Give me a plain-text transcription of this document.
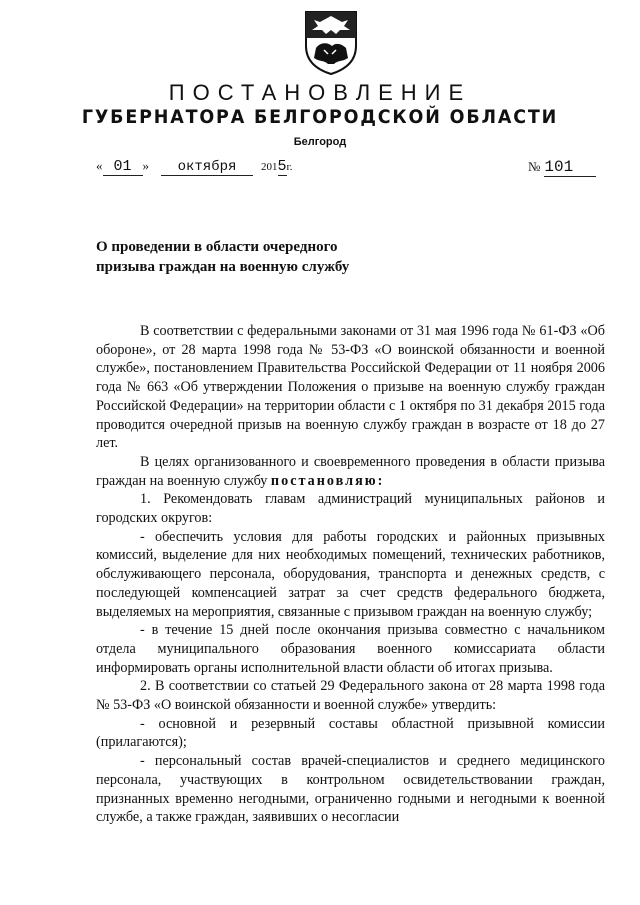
ПОСТАНОВЛЕНИЕ
ГУБЕРНАТОРА БЕЛГОРОДСКОЙ ОБЛАСТИ
Белгород
« 01 » октября 2015г.	№ 101
О проведении в области очередного
призыва граждан на военную службу

В соответствии с федеральными законами от 31 мая 1996 года № 61-ФЗ «Об обороне», от 28 марта 1998 года № 53-ФЗ «О воинской обязанности и военной службе», постановлением Правительства Российской Федерации от 11 ноября 2006 года № 663 «Об утверждении Положения о призыве на военную службу граждан Российской Федерации» на территории области с 1 октября по 31 декабря 2015 года проводится очередной призыв на военную службу граждан в возрасте от 18 до 27 лет.

В целях организованного и своевременного проведения в области призыва граждан на военную службу постановляю:

1. Рекомендовать главам администраций муниципальных районов и городских округов:

- обеспечить условия для работы городских и районных призывных комиссий, выделение для них необходимых помещений, технических работников, обслуживающего персонала, оборудования, транспорта и денежных средств, с последующей компенсацией затрат за счет средств федерального бюджета, выделяемых на мероприятия, связанные с призывом граждан на военную службу;

- в течение 15 дней после окончания призыва совместно с начальником отдела муниципального образования военного комиссариата области информировать органы исполнительной власти области об итогах призыва.

2. В соответствии со статьей 29 Федерального закона от 28 марта 1998 года № 53-ФЗ «О воинской обязанности и военной службе» утвердить:

- основной и резервный составы областной призывной комиссии (прилагаются);

- персональный состав врачей-специалистов и среднего медицинского персонала, участвующих в контрольном освидетельствовании граждан, признанных временно негодными, ограниченно годными и негодными к военной службе, а также граждан, заявивших о несогласии
